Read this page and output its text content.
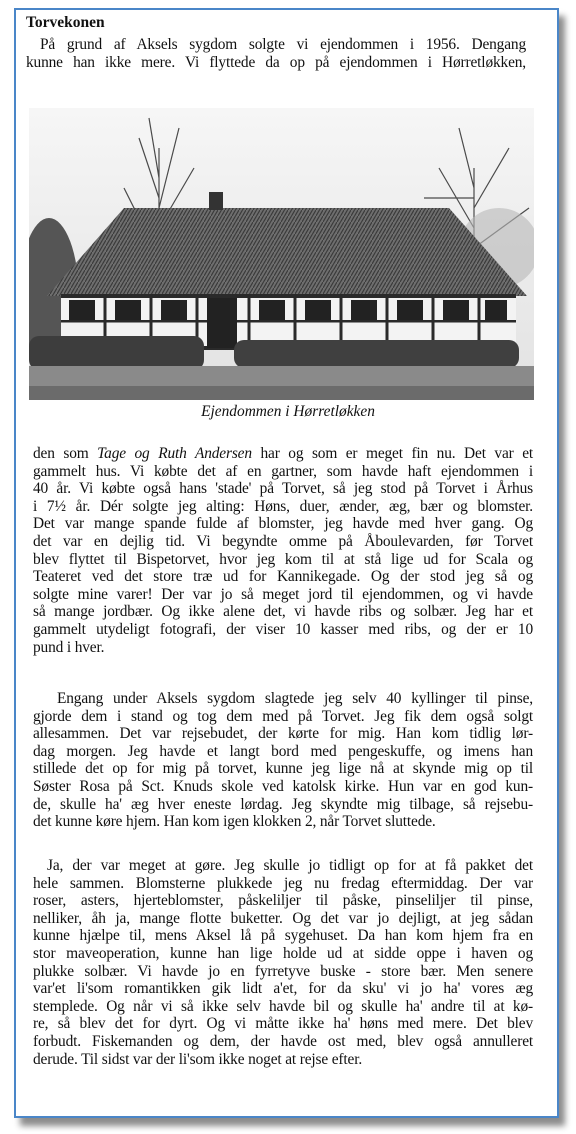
Torvekonen
På grund af Aksels sygdom solgte vi ejendommen i 1956. Dengang
kunne han ikke mere. Vi flyttede da op på ejendommen i Hørretløkken,
Ejendommen i Hørretløkken
den som Tage og Ruth Andersen har og som er meget fin nu. Det var et
gammelt hus. Vi købte det af en gartner, som havde haft ejendommen i
40 år. Vi købte også hans 'stade' på Torvet, så jeg stod på Torvet i Århus
i 7½ år. Dér solgte jeg alting: Høns, duer, ænder, æg, bær og blomster.
Det var mange spande fulde af blomster, jeg havde med hver gang. Og
det var en dejlig tid. Vi begyndte omme på Åboulevarden, før Torvet
blev flyttet til Bispetorvet, hvor jeg kom til at stå lige ud for Scala og
Teateret ved det store træ ud for Kannikegade. Og der stod jeg så og
solgte mine varer! Der var jo så meget jord til ejendommen, og vi havde
så mange jordbær. Og ikke alene det, vi havde ribs og solbær. Jeg har et
gammelt utydeligt fotografi, der viser 10 kasser med ribs, og der er 10
pund i hver.
Engang under Aksels sygdom slagtede jeg selv 40 kyllinger til pinse,
gjorde dem i stand og tog dem med på Torvet. Jeg fik dem også solgt
allesammen. Det var rejsebudet, der kørte for mig. Han kom tidlig lør-
dag morgen. Jeg havde et langt bord med pengeskuffe, og imens han
stillede det op for mig på torvet, kunne jeg lige nå at skynde mig op til
Søster Rosa på Sct. Knuds skole ved katolsk kirke. Hun var en god kun-
de, skulle ha' æg hver eneste lørdag. Jeg skyndte mig tilbage, så rejsebu-
det kunne køre hjem. Han kom igen klokken 2, når Torvet sluttede.
Ja, der var meget at gøre. Jeg skulle jo tidligt op for at få pakket det
hele sammen. Blomsterne plukkede jeg nu fredag eftermiddag. Der var
roser, asters, hjerteblomster, påskeliljer til påske, pinseliljer til pinse,
nelliker, åh ja, mange flotte buketter. Og det var jo dejligt, at jeg sådan
kunne hjælpe til, mens Aksel lå på sygehuset. Da han kom hjem fra en
stor maveoperation, kunne han lige holde ud at sidde oppe i haven og
plukke solbær. Vi havde jo en fyrretyve buske - store bær. Men senere
var'et li'som romantikken gik lidt a'et, for da sku' vi jo ha' vores æg
stemplede. Og når vi så ikke selv havde bil og skulle ha' andre til at kø-
re, så blev det for dyrt. Og vi måtte ikke ha' høns med mere. Det blev
forbudt. Fiskemanden og dem, der havde ost med, blev også annulleret
derude. Til sidst var der li'som ikke noget at rejse efter.
